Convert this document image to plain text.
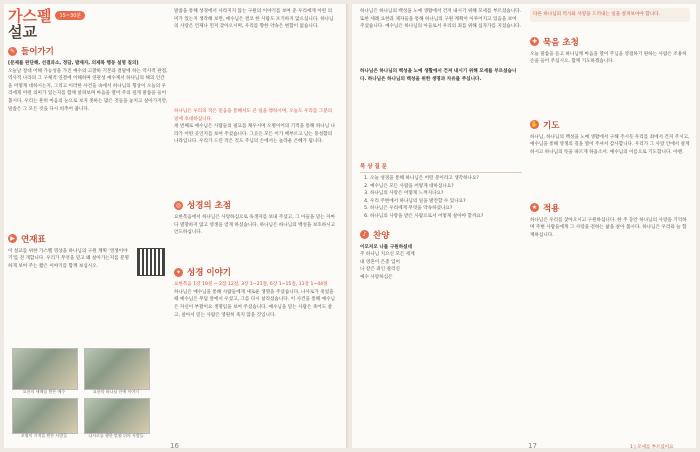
가스펠
설교
15~30분
✎ 들어가기

[문제를 판단해, 선결과소, 정답, 발제자, 의제목 행동 설명 질의]

오늘날 절대 이해 가능성을 가진 예수의 고찰하 기본과 결말에 하는 역사적 관점, 역사적 나라의 그 구체적 연결에 이해하며 연관성 예수께서 하나님의 해의 인간을 어떻게 대하시는지, 그리고 이러한 사건들 속에서 하나님의 형상이 오늘의 우리에게 어떤 의미가 있는지를 함께 살펴보며 마음을 열어 주의 깊게 말씀을 들어 봅시다. 우리는 흔히 마음의 눈으로 보지 못하는 많은 것들을 놓치고 살아가지만, 말씀은 그 모든 것을 다시 비추어 줍니다.

▶ 연재표

이 설교를 위한 가스펠 영상을 하나님의 구원 계획 '영생이야기'를 전 개합니다. 우리가 무엇을 믿고 왜 살아가는지를 분명하게 보여 주는 짧은 이야기를 함께 보십시오.

요한의 세례를 받은 예수	요한의 하나님 안에 이야기
오병이 기적을 받은 사람들	나사로를 행한 말씀 뒤의 사람들

말씀을 통해 성경에서 사라지지 않는 구원의 이야기를 보여 준 우리에게 어떤 의미가 있는지 생각해 보면, 예수님은 결코 한 사람도 포기하지 않으십니다. 하나님의 사랑은 언제나 먼저 찾아오시며, 우리를 향한 약속은 변함이 없습니다.

하나님은 우리의 작은 믿음을 통해서도 큰 일을 행하시며, 오늘도 우리를 그분의 일에 초대하십니다.

세 번째로 예수님은 사람들의 필요를 채우시며 오병이어의 기적을 통해 하나님 나라가 어떤 곳인지를 보여 주셨습니다. 그곳은 모든 이가 배부르고 남는 풍성함의 나라입니다. 우리가 드린 작은 것도 주님의 손에서는 놀라운 은혜가 됩니다.

◎ 성경의 초점

요한복음에서 하나님은 사랑하심으로 독생자를 보내 주셨고, 그 아들을 믿는 자마다 멸망하지 않고 영생을 얻게 하셨습니다. 하나님은 하나님의 백성을 보호하시고 인도하십니다.

✦ 성경 이야기

요한복음 1장 19절 ~ 2장 12절, 3장 1~21절, 6장 1~15절, 11장 1~44절

하나님은 예수님을 통해 사람들에게 새로운 생명을 주셨습니다. 나사로가 죽었을 때 예수님은 무덤 앞에서 우셨고, 그를 다시 살리셨습니다. 이 사건을 통해 예수님은 자신이 부활이요 생명임을 보여 주셨습니다. 예수님을 믿는 사람은 죽어도 살고, 살아서 믿는 사람은 영원히 죽지 않을 것입니다.

16

하나님은 하나님의 백성을 노예 생활에서 건져 내시기 위해 모세를 부르셨습니다. 또한 세례 요한과 제자들을 통해 하나님의 구원 계획이 이루어지고 있음을 보여 주셨습니다. 예수님은 하나님의 아들로서 우리의 죄를 위해 십자가를 지셨습니다.

하나님은 하나님의 백성을 노예 생활에서 건져 내시기 위해 모세를 부르셨습니다. 하나님은 하나님의 백성을 위한 생명과 자유를 주십니다.

묵 상 질 문
1. 오늘 성경을 통해 하나님은 어떤 분이라고 생각하나요?
2. 예수님은 모든 사람을 어떻게 대하셨나요?
3. 하나님의 사랑은 어떻게 느껴지나요?
4. 우리 주변에서 하나님의 일을 발견할 수 있나요?
5. 하나님은 우리에게 무엇을 약속하셨나요?
6. 하나님의 사랑을 받은 사람으로서 어떻게 살아야 할까요?
♪ 찬양

이모저모 나를 구원하셨네

주 하나님 지으신 모든 세계

내 영혼이 은총 입어

나 같은 죄인 살리신

예수 사랑하심은

17

다른 하나님의 역사와 사랑을 드러내는 일을 살펴보아야 합니다.

✚ 묵음 초청

오늘 말씀을 듣고 하나님께 마음을 열어 주님을 영접하기 원하는 사람은 조용히 손을 들어 주십시오. 함께 기도하겠습니다.

✋ 기도

하나님, 하나님의 백성을 노예 생활에서 구해 주시듯 우리를 죄에서 건져 주시고, 예수님을 통해 영생의 길을 열어 주셔서 감사합니다. 우리가 그 사랑 안에서 살게 하시고 하나님의 뜻을 따르게 하옵소서. 예수님의 이름으로 기도합니다. 아멘.

★ 적용

하나님은 우리를 찾아오시고 구원하십니다. 한 주 동안 하나님의 사랑을 기억하며 주변 사람들에게 그 사랑을 전하는 삶을 살아 봅시다. 하나님은 우리와 늘 함께하십니다.

1 | 모세를 부르셨어요
